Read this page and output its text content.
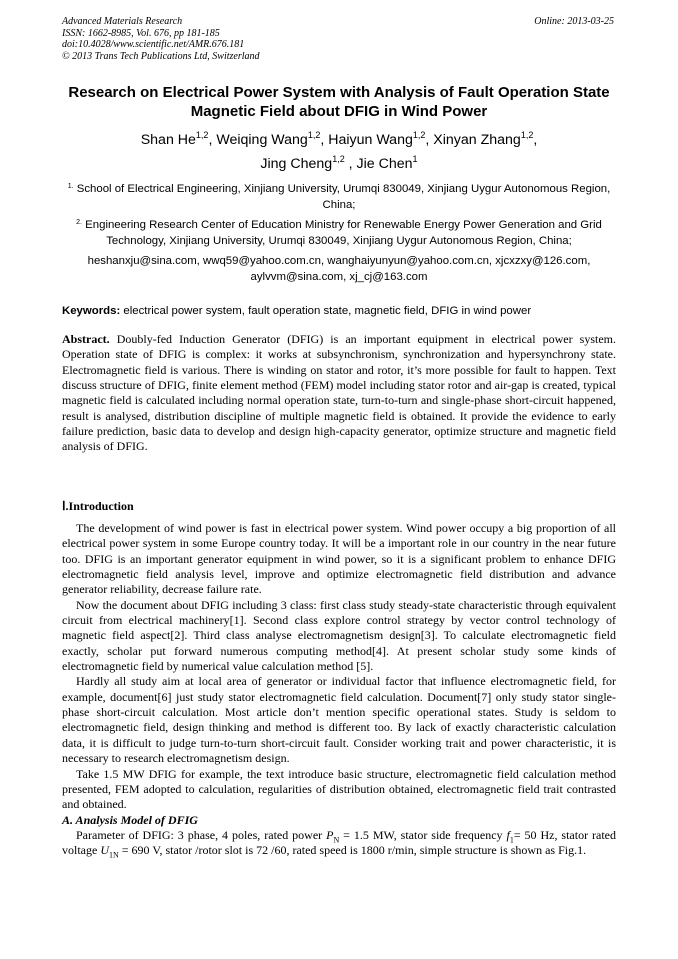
Advanced Materials Research
ISSN: 1662-8985, Vol. 676, pp 181-185
doi:10.4028/www.scientific.net/AMR.676.181
© 2013 Trans Tech Publications Ltd, Switzerland
Online: 2013-03-25
Research on Electrical Power System with Analysis of Fault Operation State Magnetic Field about DFIG in Wind Power
Shan He$^{1,2}$, Weiqing Wang$^{1,2}$, Haiyun Wang$^{1,2}$, Xinyan Zhang$^{1,2}$,
Jing Cheng$^{1,2}$ , Jie Chen$^1$
$^{1.}$ School of Electrical Engineering, Xinjiang University, Urumqi 830049, Xinjiang Uygur Autonomous Region, China;
$^{2.}$ Engineering Research Center of Education Ministry for Renewable Energy Power Generation and Grid Technology, Xinjiang University, Urumqi 830049, Xinjiang Uygur Autonomous Region, China;
heshanxju@sina.com, wwq59@yahoo.com.cn, wanghaiyunyun@yahoo.com.cn, xjcxzxy@126.com, aylvvm@sina.com, xj_cj@163.com
Keywords: electrical power system, fault operation state, magnetic field, DFIG in wind power
Abstract. Doubly-fed Induction Generator (DFIG) is an important equipment in electrical power system. Operation state of DFIG is complex: it works at subsynchronism, synchronization and hypersynchrony state. Electromagnetic field is various. There is winding on stator and rotor, it’s more possible for fault to happen. Text discuss structure of DFIG, finite element method (FEM) model including stator rotor and air-gap is created, typical magnetic field is calculated including normal operation state, turn-to-turn and single-phase short-circuit happened, result is analysed, distribution discipline of multiple magnetic field is obtained. It provide the evidence to early failure prediction, basic data to develop and design high-capacity generator, optimize structure and magnetic field analysis of DFIG.
Ⅰ.Introduction

The development of wind power is fast in electrical power system. Wind power occupy a big proportion of all electrical power system in some Europe country today. It will be a important role in our country in the near future too. DFIG is an important generator equipment in wind power, so it is a significant problem to enhance DFIG electromagnetic field analysis level, improve and optimize electromagnetic field distribution and advance generator reliability, decrease failure rate.

Now the document about DFIG including 3 class: first class study steady-state characteristic through equivalent circuit from electrical machinery[1]. Second class explore control strategy by vector control technology of magnetic field aspect[2]. Third class analyse electromagnetism design[3]. To calculate electromagnetic field exactly, scholar put forward numerous computing method[4]. At present scholar study some kinds of electromagnetic field by numerical value calculation method [5].

Hardly all study aim at local area of generator or individual factor that influence electromagnetic field, for example, document[6] just study stator electromagnetic field calculation. Document[7] only study stator single-phase short-circuit calculation. Most article don’t mention specific operational states. Study is seldom to electromagnetic field, design thinking and method is different too. By lack of exactly characteristic calculation data, it is difficult to judge turn-to-turn short-circuit fault. Consider working trait and power characteristic, it is necessary to research electromagnetism design.

Take 1.5 MW DFIG for example, the text introduce basic structure, electromagnetic field calculation method presented, FEM adopted to calculation, regularities of distribution obtained, electromagnetic field trait contrasted and obtained.

A. Analysis Model of DFIG

Parameter of DFIG: 3 phase, 4 poles, rated power $P_N = 1.5$ MW, stator side frequency $f_1= 50$ Hz, stator rated voltage $U_{1N} = 690$ V, stator /rotor slot is 72 /60, rated speed is 1800 r/min, simple structure is shown as Fig.1.
